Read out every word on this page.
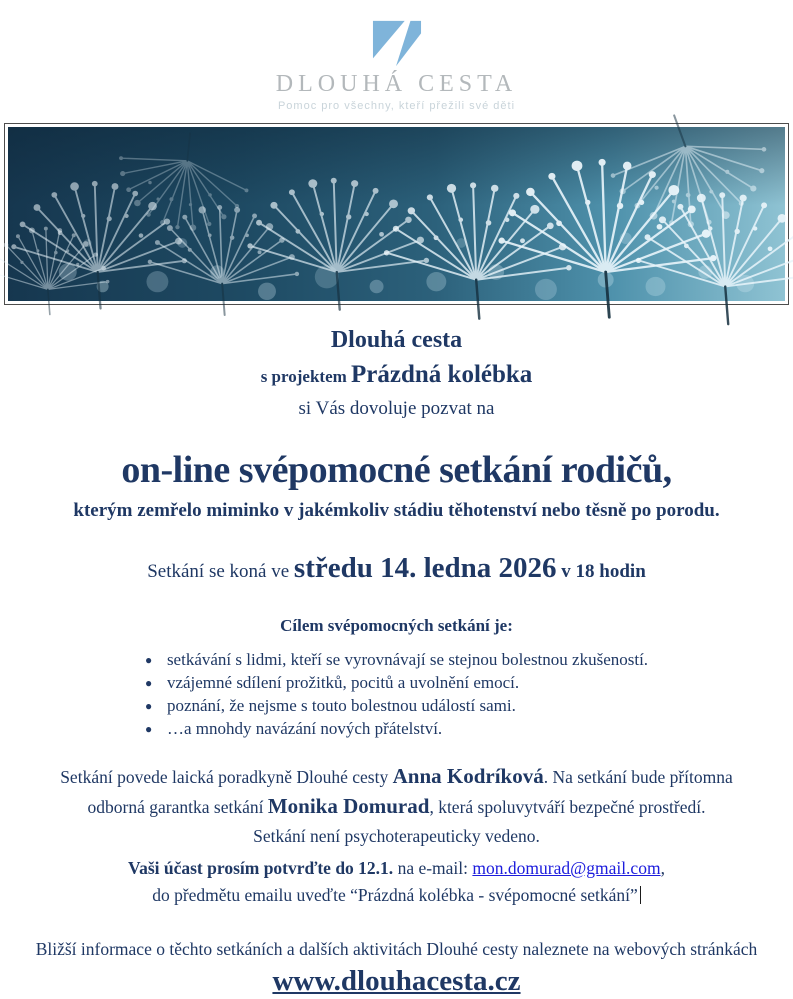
DLOUHÁ CESTA
Pomoc pro všechny, kteří přežili své děti
Dlouhá cesta
s projektem Prázdná kolébka
si Vás dovoluje pozvat na
on-line svépomocné setkání rodičů,
kterým zemřelo miminko v jakémkoliv stádiu těhotenství nebo těsně po porodu.
Setkání se koná ve středu 14. ledna 2026 v 18 hodin
Cílem svépomocných setkání je:
● setkávání s lidmi, kteří se vyrovnávají se stejnou bolestnou zkušeností.
● vzájemné sdílení prožitků, pocitů a uvolnění emocí.
● poznání, že nejsme s touto bolestnou událostí sami.
● …a mnohdy navázání nových přátelství.
Setkání povede laická poradkyně Dlouhé cesty Anna Kodríková. Na setkání bude přítomna
odborná garantka setkání Monika Domurad, která spoluvytváří bezpečné prostředí.
Setkání není psychoterapeuticky vedeno.
Vaši účast prosím potvrďte do 12.1. na e-mail: mon.domurad@gmail.com,
do předmětu emailu uveďte “Prázdná kolébka - svépomocné setkání”
Bližší informace o těchto setkáních a dalších aktivitách Dlouhé cesty naleznete na webových stránkách
www.dlouhacesta.cz
